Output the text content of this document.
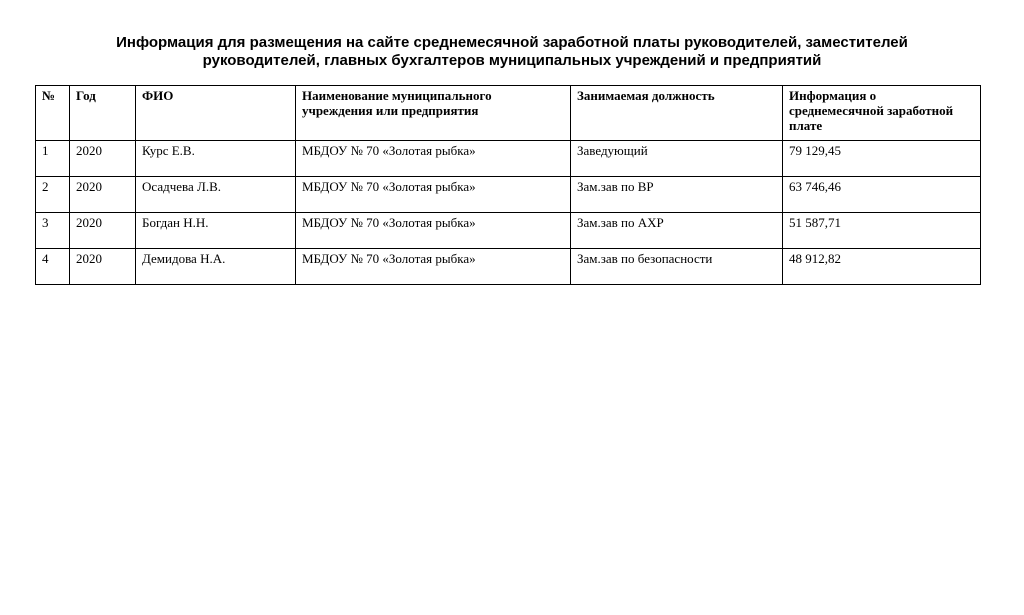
Информация для размещения на сайте среднемесячной заработной платы руководителей, заместителей
руководителей, главных бухгалтеров муниципальных учреждений и предприятий
№	Год	ФИО	Наименование муниципального учреждения или предприятия	Занимаемая должность	Информация о среднемесячной заработной плате
1	2020	Курс Е.В.	МБДОУ № 70 «Золотая рыбка»	Заведующий	79 129,45
2	2020	Осадчева Л.В.	МБДОУ № 70 «Золотая рыбка»	Зам.зав по ВР	63 746,46
3	2020	Богдан Н.Н.	МБДОУ № 70 «Золотая рыбка»	Зам.зав по АХР	51 587,71
4	2020	Демидова Н.А.	МБДОУ № 70 «Золотая рыбка»	Зам.зав по безопасности	48 912,82
